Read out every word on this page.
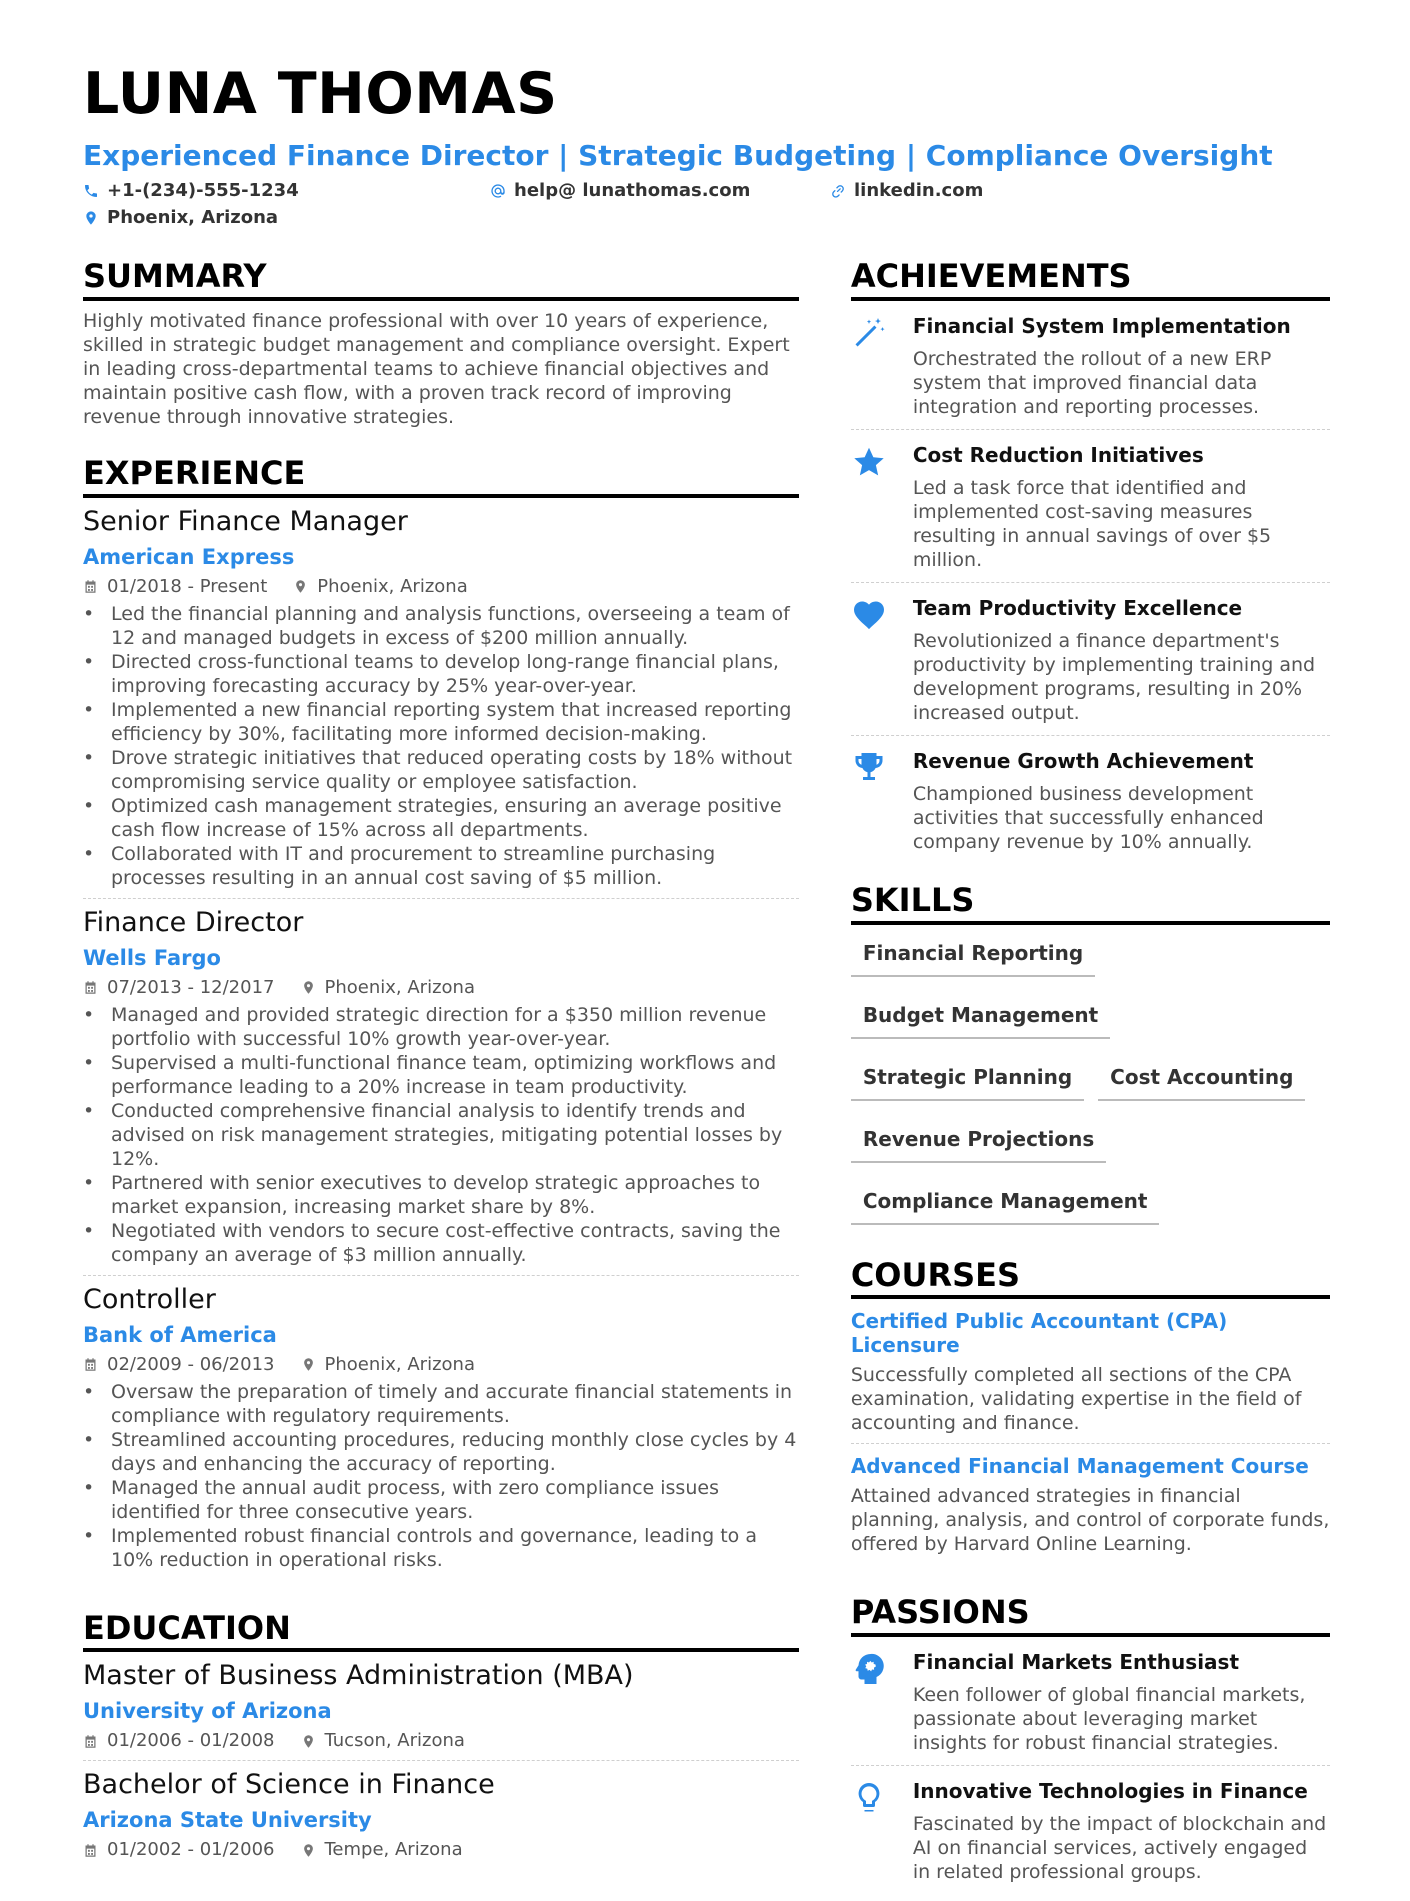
LUNA THOMAS
Experienced Finance Director | Strategic Budgeting | Compliance Oversight
+1-(234)-555-1234	help@ lunathomas.com	linkedin.com
Phoenix, Arizona
SUMMARY
Highly motivated finance professional with over 10 years of experience, skilled in strategic budget management and compliance oversight. Expert in leading cross-departmental teams to achieve financial objectives and maintain positive cash flow, with a proven track record of improving revenue through innovative strategies.
EXPERIENCE
Senior Finance Manager
American Express
01/2018 - Present	Phoenix, Arizona
• Led the financial planning and analysis functions, overseeing a team of 12 and managed budgets in excess of $200 million annually.
• Directed cross-functional teams to develop long-range financial plans, improving forecasting accuracy by 25% year-over-year.
• Implemented a new financial reporting system that increased reporting efficiency by 30%, facilitating more informed decision-making.
• Drove strategic initiatives that reduced operating costs by 18% without compromising service quality or employee satisfaction.
• Optimized cash management strategies, ensuring an average positive cash flow increase of 15% across all departments.
• Collaborated with IT and procurement to streamline purchasing processes resulting in an annual cost saving of $5 million.
Finance Director
Wells Fargo
07/2013 - 12/2017	Phoenix, Arizona
• Managed and provided strategic direction for a $350 million revenue portfolio with successful 10% growth year-over-year.
• Supervised a multi-functional finance team, optimizing workflows and performance leading to a 20% increase in team productivity.
• Conducted comprehensive financial analysis to identify trends and advised on risk management strategies, mitigating potential losses by 12%.
• Partnered with senior executives to develop strategic approaches to market expansion, increasing market share by 8%.
• Negotiated with vendors to secure cost-effective contracts, saving the company an average of $3 million annually.
Controller
Bank of America
02/2009 - 06/2013	Phoenix, Arizona
• Oversaw the preparation of timely and accurate financial statements in compliance with regulatory requirements.
• Streamlined accounting procedures, reducing monthly close cycles by 4 days and enhancing the accuracy of reporting.
• Managed the annual audit process, with zero compliance issues identified for three consecutive years.
• Implemented robust financial controls and governance, leading to a 10% reduction in operational risks.
EDUCATION
Master of Business Administration (MBA)
University of Arizona
01/2006 - 01/2008	Tucson, Arizona
Bachelor of Science in Finance
Arizona State University
01/2002 - 01/2006	Tempe, Arizona
ACHIEVEMENTS
Financial System Implementation
Orchestrated the rollout of a new ERP system that improved financial data integration and reporting processes.
Cost Reduction Initiatives
Led a task force that identified and implemented cost-saving measures resulting in annual savings of over $5 million.
Team Productivity Excellence
Revolutionized a finance department's productivity by implementing training and development programs, resulting in 20% increased output.
Revenue Growth Achievement
Championed business development activities that successfully enhanced company revenue by 10% annually.
SKILLS
Financial Reporting
Budget Management
Strategic Planning	Cost Accounting
Revenue Projections
Compliance Management
COURSES
Certified Public Accountant (CPA) Licensure
Successfully completed all sections of the CPA examination, validating expertise in the field of accounting and finance.
Advanced Financial Management Course
Attained advanced strategies in financial planning, analysis, and control of corporate funds, offered by Harvard Online Learning.
PASSIONS
Financial Markets Enthusiast
Keen follower of global financial markets, passionate about leveraging market insights for robust financial strategies.
Innovative Technologies in Finance
Fascinated by the impact of blockchain and AI on financial services, actively engaged in related professional groups.
